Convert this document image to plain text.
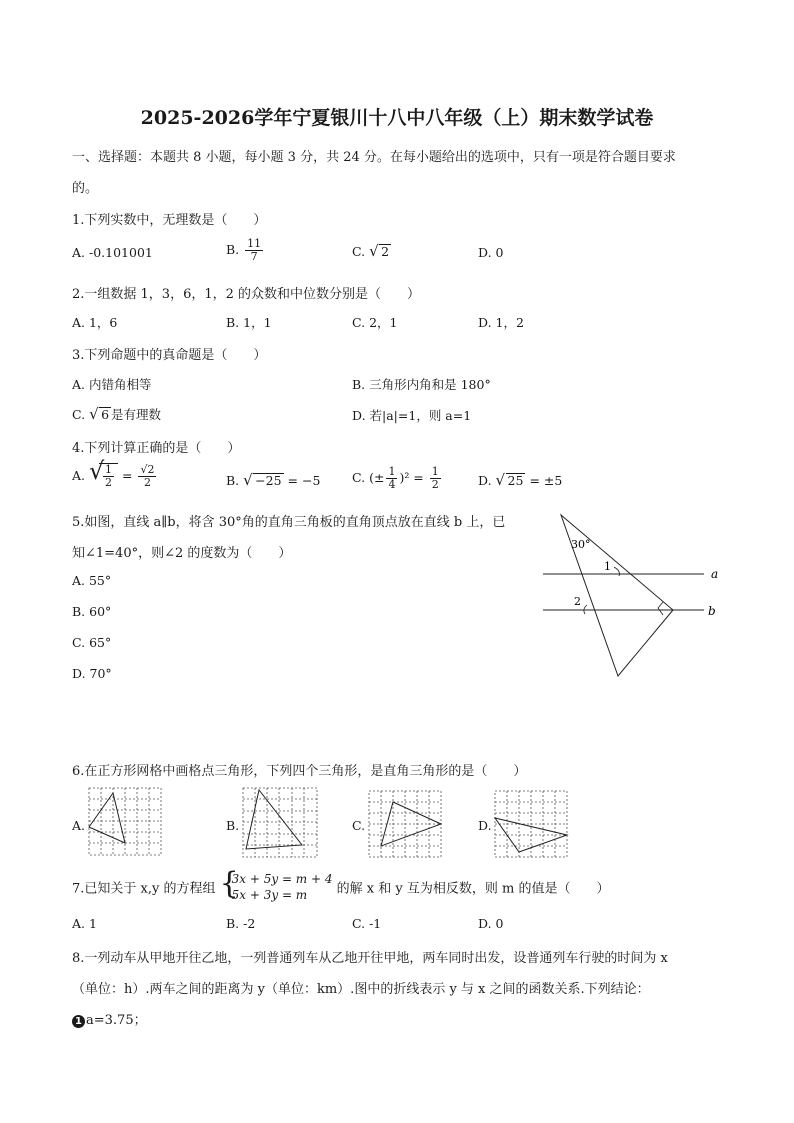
2025-2026学年宁夏银川十八中八年级（上）期末数学试卷
一、选择题：本题共 8 小题，每小题 3 分，共 24 分。在每小题给出的选项中，只有一项是符合题目要求
的。
1.下列实数中，无理数是（　　）
A. -0.101001	B. $\frac{11}{7}$	C. √ 2	D. 0
2.一组数据 1，3，6，1，2 的众数和中位数分别是（　　）
A. 1，6	B. 1，1	C. 2，1	D. 1，2
3.下列命题中的真命题是（　　）
A. 内错角相等	B. 三角形内角和是 180°
C. √ 6 是有理数	D. 若|a|=1，则 a=1
4.下列计算正确的是（　　）
A. √
$\frac{1}{2} = \frac{√2}{2}$	B. √ −25 = −5	C. (± $\frac{1}{4} )^2 = \frac{1}{2}$	D. √ 25 = ±5
5.如图，直线 a∥b，将含 30°角的直角三角板的直角顶点放在直线 b 上，已
知∠1=40°，则∠2 的度数为（　　）
A. 55°
B. 60°
C. 65°
D. 70°
30°
1
2
a
b
6.在正方形网格中画格点三角形，下列四个三角形，是直角三角形的是（　　）
A.	B.	C.	D.
7.已知关于 x,y 的方程组 {
3x + 5y = m + 4
5x + 3y = m	的解 x 和 y 互为相反数，则 m 的值是（　　）
A. 1	B. -2	C. -1	D. 0
8.一列动车从甲地开往乙地，一列普通列车从乙地开往甲地，两车同时出发，设普通列车行驶的时间为 x
（单位：h）.两车之间的距离为 y（单位：km）.图中的折线表示 y 与 x 之间的函数关系.下列结论：
1 a=3.75；
